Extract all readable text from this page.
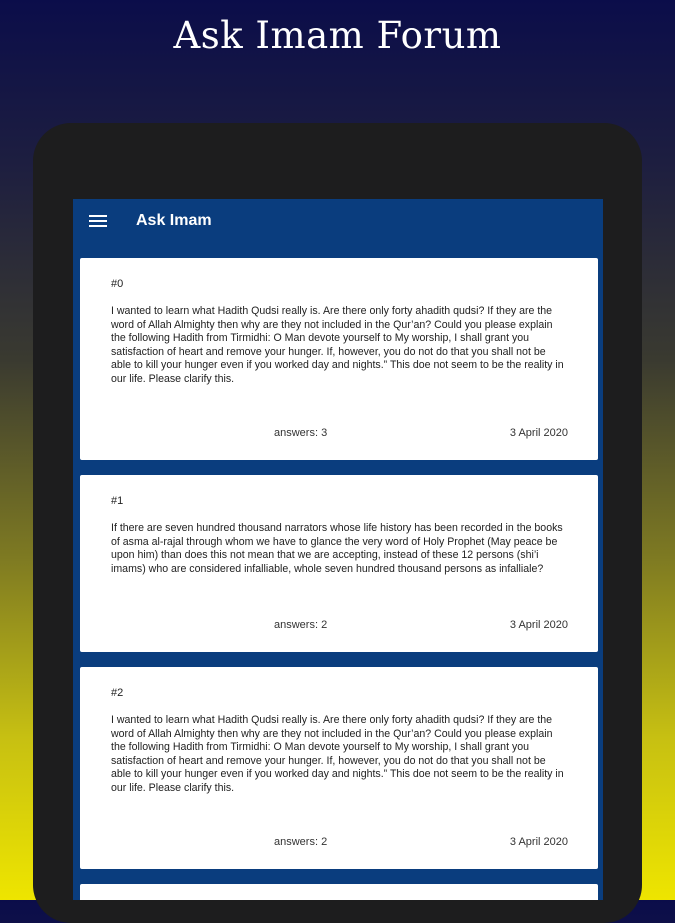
Ask Imam Forum
Ask Imam
#0
I wanted to learn what Hadith Qudsi really is. Are there only forty ahadith qudsi? If they are the word of Allah Almighty then why are they not included in the Qur’an? Could you please explain the following Hadith from Tirmidhi: O Man devote yourself to My worship, I shall grant you satisfaction of heart and remove your hunger. If, however, you do not do that you shall not be able to kill your hunger even if you worked day and nights.” This doe not seem to be the reality in our life. Please clarify this.
answers: 3	3 April 2020
#1
If there are seven hundred thousand narrators whose life history has been recorded in the books of asma al-rajal through whom we have to glance the very word of Holy Prophet (May peace be upon him) than does this not mean that we are accepting, instead of these 12 persons (shi’i imams) who are considered infalliable, whole seven hundred thousand persons as infalliale?
answers: 2	3 April 2020
#2
I wanted to learn what Hadith Qudsi really is. Are there only forty ahadith qudsi? If they are the word of Allah Almighty then why are they not included in the Qur’an? Could you please explain the following Hadith from Tirmidhi: O Man devote yourself to My worship, I shall grant you satisfaction of heart and remove your hunger. If, however, you do not do that you shall not be able to kill your hunger even if you worked day and nights.” This doe not seem to be the reality in our life. Please clarify this.
answers: 2	3 April 2020
